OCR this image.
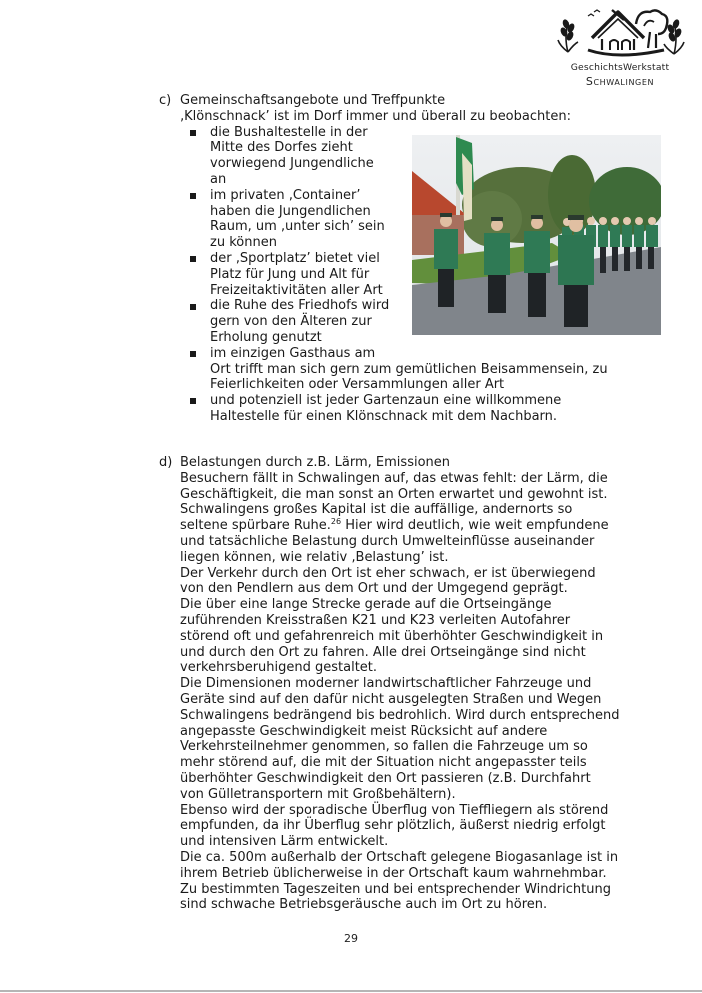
GeschichtsWerkstatt
Schwalingen
c) Gemeinschaftsangebote und Treffpunkte
‚Klönschnack’ ist im Dorf immer und überall zu beobachten:
die Bushaltestelle in der
Mitte des Dorfes zieht
vorwiegend Jungendliche
an
im privaten ‚Container’
haben die Jungendlichen
Raum, um ‚unter sich’ sein
zu können
der ‚Sportplatz’ bietet viel
Platz für Jung und Alt für
Freizeitaktivitäten aller Art
die Ruhe des Friedhofs wird
gern von den Älteren zur
Erholung genutzt
im einzigen Gasthaus am
Ort trifft man sich gern zum gemütlichen Beisammensein, zu
Feierlichkeiten oder Versammlungen aller Art
und potenziell ist jeder Gartenzaun eine willkommene
Haltestelle für einen Klönschnack mit dem Nachbarn.
d) Belastungen durch z.B. Lärm, Emissionen
Besuchern fällt in Schwalingen auf, das etwas fehlt: der Lärm, die
Geschäftigkeit, die man sonst an Orten erwartet und gewohnt ist.
Schwalingens großes Kapital ist die auffällige, andernorts so
seltene spürbare Ruhe.$^{26}$ Hier wird deutlich, wie weit empfundene
und tatsächliche Belastung durch Umwelteinflüsse auseinander
liegen können, wie relativ ‚Belastung’ ist.
Der Verkehr durch den Ort ist eher schwach, er ist überwiegend
von den Pendlern aus dem Ort und der Umgegend geprägt.
Die über eine lange Strecke gerade auf die Ortseingänge
zuführenden Kreisstraßen K21 und K23 verleiten Autofahrer
störend oft und gefahrenreich mit überhöhter Geschwindigkeit in
und durch den Ort zu fahren. Alle drei Ortseingänge sind nicht
verkehrsberuhigend gestaltet.
Die Dimensionen moderner landwirtschaftlicher Fahrzeuge und
Geräte sind auf den dafür nicht ausgelegten Straßen und Wegen
Schwalingens bedrängend bis bedrohlich. Wird durch entsprechend
angepasste Geschwindigkeit meist Rücksicht auf andere
Verkehrsteilnehmer genommen, so fallen die Fahrzeuge um so
mehr störend auf, die mit der Situation nicht angepasster teils
überhöhter Geschwindigkeit den Ort passieren (z.B. Durchfahrt
von Gülletransportern mit Großbehältern).
Ebenso wird der sporadische Überflug von Tieffliegern als störend
empfunden, da ihr Überflug sehr plötzlich, äußerst niedrig erfolgt
und intensiven Lärm entwickelt.
Die ca. 500m außerhalb der Ortschaft gelegene Biogasanlage ist in
ihrem Betrieb üblicherweise in der Ortschaft kaum wahrnehmbar.
Zu bestimmten Tageszeiten und bei entsprechender Windrichtung
sind schwache Betriebsgeräusche auch im Ort zu hören.
29
